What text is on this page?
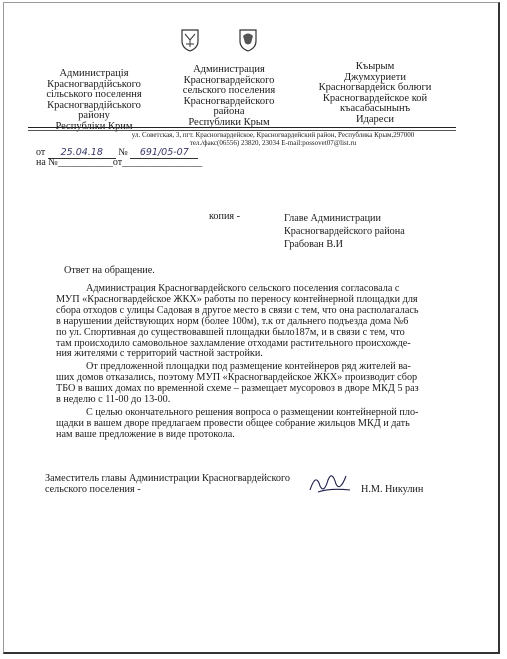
Администрація
Красногвардійського
сільського поселення
Красногвардійського
району
Республіки Крим
Администрация
Красногвардейского
сельского поселения
Красногвардейского
района
Республики Крым
Къырым
Джумхуриети
Красногвардейск болюги
Красногвардейское кой
къасабасынынъ
Идареси
ул. Советская, 3, пгт. Красногвардейское, Красногвардейский район, Республика Крым,297000
тел./факс(06556) 23820, 23034 E-mail:possovet07@list.ru
от 25.04.18 № 691/05-07
на №___________от________________
копия -	Главе Администрации
Красногвардейского района
Грабован В.И
Ответ на обращение.
Администрация Красногвардейского сельского поселения согласовала с
МУП «Красногвардейское ЖКХ» работы по переносу контейнерной площадки для
сбора отходов с улицы Садовая в другое место в связи с тем, что она располагалась
в нарушении действующих норм (более 100м), т.к от дальнего подъезда дома №6
по ул. Спортивная до существовавшей площадки было187м, и в связи с тем, что
там происходило самовольное захламление отходами растительного происхожде-
ния жителями с территорий частной застройки.
От предложенной площадки под размещение контейнеров ряд жителей ва-
ших домов отказались, поэтому МУП «Красногвардейское ЖКХ» производит сбор
ТБО в ваших домах по временной схеме – размещает мусоровоз в дворе МКД 5 раз
в неделю с 11-00 до 13-00.
С целью окончательного решения вопроса о размещении контейнерной пло-
щадки в вашем дворе предлагаем провести общее собрание жильцов МКД и дать
нам ваше предложение в виде протокола.
Заместитель главы Администрации Красногвардейского
сельского поселения -	Н.М. Никулин
